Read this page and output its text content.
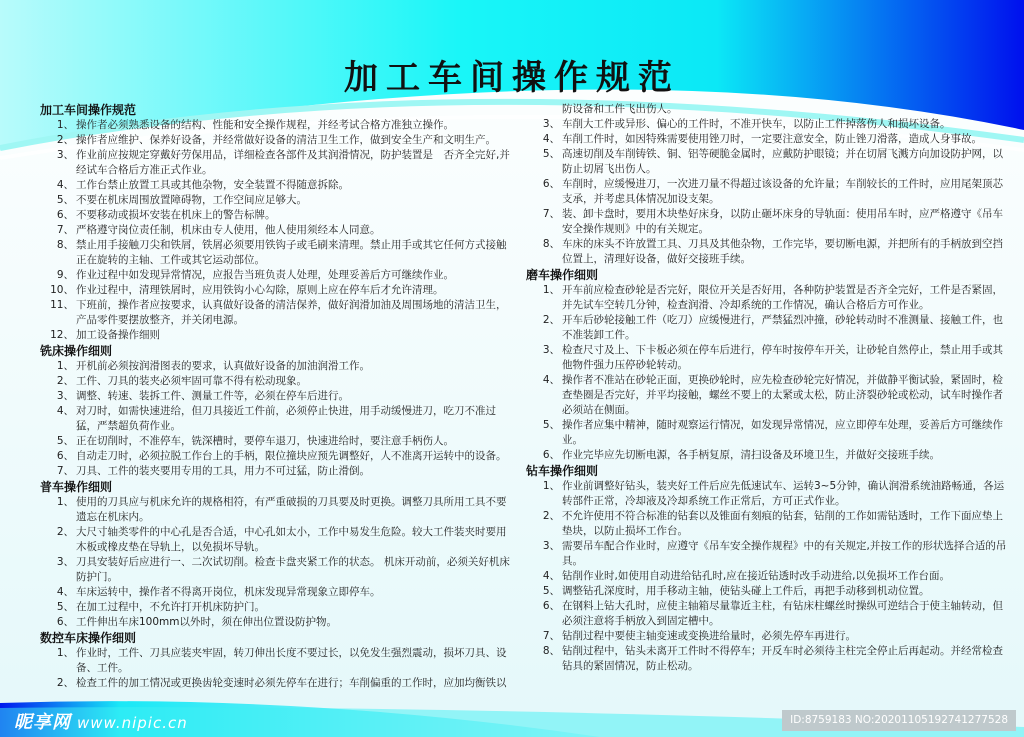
加工车间操作规范
加工车间操作规范
1、 操作者必须熟悉设备的结构、性能和安全操作规程，并经考试合格方准独立操作。
2、 操作者应维护、保养好设备，并经常做好设备的清洁卫生工作，做到安全生产和文明生产。
3、 作业前应按规定穿戴好劳保用品，详细检查各部件及其润滑情况，防护装置是　否齐全完好,并经试车合格后方准正式作业。
4、 工作台禁止放置工具或其他杂物，安全装置不得随意拆除。
5、 不要在机床周围放置障碍物，工作空间应足够大。
6、 不要移动或损坏安装在机床上的警告标牌。
7、 严格遵守岗位责任制，机床由专人使用，他人使用须经本人同意。
8、 禁止用手接触刀尖和铁屑，铁屑必须要用铁钩子或毛刷来清理。禁止用手或其它任何方式接触正在旋转的主轴、工件或其它运动部位。
9、 作业过程中如发现异常情况，应报告当班负责人处理，处理妥善后方可继续作业。
10、 作业过程中，清理铁屑时，应用铁钩小心勾除，原则上应在停车后才允许清理。
11、 下班前，操作者应按要求，认真做好设备的清洁保养，做好润滑加油及周围场地的清洁卫生，产品零件要摆放整齐，并关闭电源。
12、 加工设备操作细则
铣床操作细则
1、 开机前必须按润滑图表的要求，认真做好设备的加油润滑工作。
2、 工件、刀具的装夹必须牢固可靠不得有松动现象。
3、 调整、转速、装拆工件、测量工件等，必须在停车后进行。
4、 对刀时，如需快速进给，但刀具接近工件前，必须停止快进，用手动缓慢进刀，吃刀不准过猛，严禁超负荷作业。
5、 正在切削时，不准停车，铣深槽时，要停车退刀，快速进给时，要注意手柄伤人。
6、 自动走刀时，必须拉脱工作台上的手柄，限位撞块应预先调整好，人不准离开运转中的设备。
7、 刀具、工件的装夹要用专用的工具，用力不可过猛，防止滑倒。
普车操作细则
1、 使用的刀具应与机床允许的规格相符，有严重破损的刀具要及时更换。调整刀具所用工具不要遗忘在机床内。
2、 大尺寸轴类零件的中心孔是否合适，中心孔如太小，工作中易发生危险。较大工件装夹时要用木板或橡皮垫在导轨上，以免损坏导轨。
3、 刀具安装好后应进行一、二次试切削。检查卡盘夹紧工作的状态。 机床开动前，必须关好机床防护门。
4、 车床运转中，操作者不得离开岗位，机床发现异常现象立即停车。
5、 在加工过程中，不允许打开机床防护门。
6、 工件伸出车床100mm以外时，须在伸出位置设防护物。
数控车床操作细则
1、 作业时，工件、刀具应装夹牢固，转刀伸出长度不要过长，以免发生强烈震动，损坏刀具、设备、工件。
2、 检查工件的加工情况或更换齿轮变速时必须先停车在进行；车削偏重的工作时，应加均衡铁以
防设备和工件飞出伤人。
3、 车削大工件或异形、偏心的工件时，不准开快车，以防止工件掉落伤人和损坏设备。
4、 车削工件时，如因特殊需要使用锉刀时，一定要注意安全，防止锉刀滑落，造成人身事故。
5、 高速切削及车削铸铁、铜、铝等硬脆金属时，应戴防护眼镜；并在切屑飞溅方向加设防护网，以防止切屑飞出伤人。
6、 车削时，应缓慢进刀，一次进刀量不得超过该设备的允许量；车削较长的工件时，应用尾架顶芯支承，并考虑具体情况加设支架。
7、 装、卸卡盘时，要用木块垫好床身，以防止砸坏床身的导轨面：使用吊车时，应严格遵守《吊车安全操作规则》中的有关规定。
8、 车床的床头不许放置工具、刀具及其他杂物，工作完毕，要切断电源，并把所有的手柄放到空挡位置上，清理好设备，做好交接班手续。
磨车操作细则
1、 开车前应检查砂轮是否完好，限位开关是否好用，各种防护装置是否齐全完好，工件是否紧固，并先试车空转几分钟，检查润滑、冷却系统的工作情况，确认合格后方可作业。
2、 开车后砂轮接触工件（吃刀）应缓慢进行，严禁猛烈冲撞，砂轮转动时不准测量、接触工件，也不准装卸工件。
3、 检查尺寸及上、下卡板必须在停车后进行，停车时按停车开关，让砂轮自然停止，禁止用手或其他物件强力压停砂轮转动。
4、 操作者不准站在砂轮正面，更换砂轮时，应先检查砂轮完好情况，并做静平衡试验，紧固时，检查垫圈是否完好，并平均接触，螺丝不要上的太紧或太松，防止济裂砂轮或松动，试车时操作者必须站在侧面。
5、 操作者应集中精神，随时观察运行情况，如发现异常情况，应立即停车处理，妥善后方可继续作业。
6、 作业完毕应先切断电源，各手柄复原，清扫设备及环境卫生，并做好交接班手续。
钻车操作细则
1、 作业前调整好钻头，装夹好工件后应先低速试车、运转3~5分钟，确认润滑系统油路畅通，各运转部件正常，冷却液及冷却系统工作正常后，方可正式作业。
2、 不允许使用不符合标准的钻套以及锥面有刻痕的钻套，钻削的工作如需钻透时，工作下面应垫上垫块，以防止损坏工作台。
3、 需要吊车配合作业时，应遵守《吊车安全操作规程》中的有关规定,并按工作的形状选择合适的吊具。
4、 钻削作业时,如使用自动进给钻孔时,应在接近钻透时改手动进给,以免损坏工作台面。
5、 调整钻孔深度时，用手移动主轴，使钻头碰上工件后，再把手动移到机动位置。
6、 在钢料上钻大孔时，应使主轴箱尽量靠近主柱，有钻床柱螺丝时操纵可逆结合于使主轴转动，但必须注意将手柄放入到固定槽中。
7、 钻削过程中要使主轴变速或变换进给量时，必须先停车再进行。
8、 钻削过程中，钻头未离开工件时不得停车；开反车时必须待主柱完全停止后再起动。并经常检查钻具的紧固情况，防止松动。
昵享网 www.nipic.cn	ID:8759183 NO:20201105192741277528
